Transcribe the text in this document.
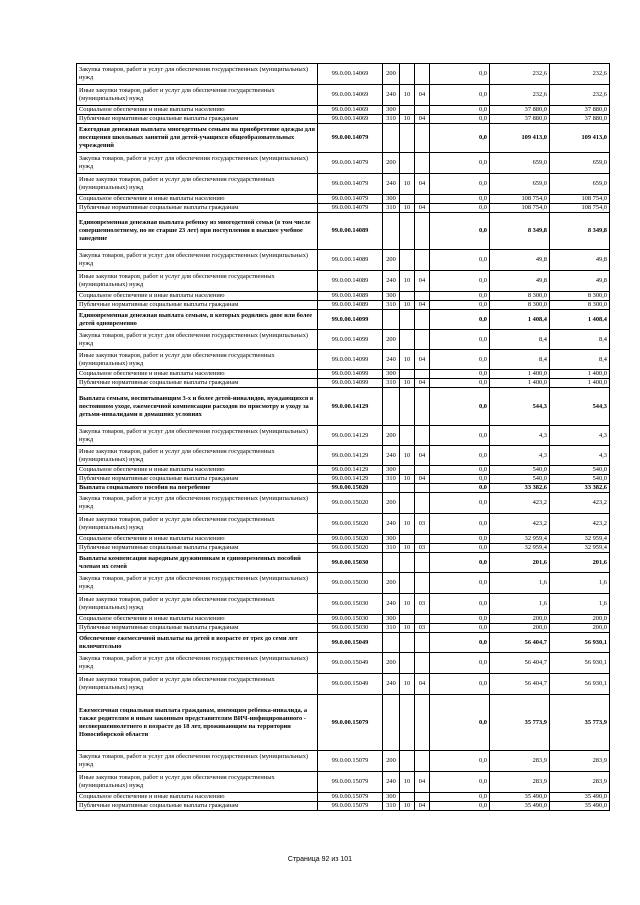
Закупка товаров, работ и услуг для обеспечения государственных (муниципальных) нужд	99.0.00.14069	200			0,0	232,6	232,6
Иные закупки товаров, работ и услуг для обеспечения государственных (муниципальных) нужд	99.0.00.14069	240	10	04	0,0	232,6	232,6
Социальное обеспечение и иные выплаты населению	99.0.00.14069	300			0,0	37 880,0	37 880,0
Публичные нормативные социальные выплаты гражданам	99.0.00.14069	310	10	04	0,0	37 880,0	37 880,0
Ежегодная денежная выплата многодетным семьям на приобретение одежды для посещения школьных занятий для детей-учащихся общеобразовательных учреждений	99.0.00.14079				0,0	109 413,0	109 413,0
Закупка товаров, работ и услуг для обеспечения государственных (муниципальных) нужд	99.0.00.14079	200			0,0	659,0	659,0
Иные закупки товаров, работ и услуг для обеспечения государственных (муниципальных) нужд	99.0.00.14079	240	10	04	0,0	659,0	659,0
Социальное обеспечение и иные выплаты населению	99.0.00.14079	300			0,0	108 754,0	108 754,0
Публичные нормативные социальные выплаты гражданам	99.0.00.14079	310	10	04	0,0	108 754,0	108 754,0
Единовременная денежная выплата ребенку из многодетной семьи (в том числе совершеннолетнему, но не старше 23 лет) при поступлении в высшее учебное заведение	99.0.00.14089				0,0	8 349,8	8 349,8
Закупка товаров, работ и услуг для обеспечения государственных (муниципальных) нужд	99.0.00.14089	200			0,0	49,8	49,8
Иные закупки товаров, работ и услуг для обеспечения государственных (муниципальных) нужд	99.0.00.14089	240	10	04	0,0	49,8	49,8
Социальное обеспечение и иные выплаты населению	99.0.00.14089	300			0,0	8 300,0	8 300,0
Публичные нормативные социальные выплаты гражданам	99.0.00.14089	310	10	04	0,0	8 300,0	8 300,0
Единовременная денежная выплата семьям, в которых родились двое или более детей одновременно	99.0.00.14099				0,0	1 408,4	1 408,4
Закупка товаров, работ и услуг для обеспечения государственных (муниципальных) нужд	99.0.00.14099	200			0,0	8,4	8,4
Иные закупки товаров, работ и услуг для обеспечения государственных (муниципальных) нужд	99.0.00.14099	240	10	04	0,0	8,4	8,4
Социальное обеспечение и иные выплаты населению	99.0.00.14099	300			0,0	1 400,0	1 400,0
Публичные нормативные социальные выплаты гражданам	99.0.00.14099	310	10	04	0,0	1 400,0	1 400,0
Выплата семьям, воспитывающим 3-х и более детей-инвалидов, нуждающихся в постоянном уходе, ежемесячной компенсации расходов по присмотру и уходу за детьми-инвалидами в домашних условиях	99.0.00.14129				0,0	544,3	544,3
Закупка товаров, работ и услуг для обеспечения государственных (муниципальных) нужд	99.0.00.14129	200			0,0	4,3	4,3
Иные закупки товаров, работ и услуг для обеспечения государственных (муниципальных) нужд	99.0.00.14129	240	10	04	0,0	4,3	4,3
Социальное обеспечение и иные выплаты населению	99.0.00.14129	300			0,0	540,0	540,0
Публичные нормативные социальные выплаты гражданам	99.0.00.14129	310	10	04	0,0	540,0	540,0
Выплата социального пособия на погребение	99.0.00.15020				0,0	33 382,6	33 382,6
Закупка товаров, работ и услуг для обеспечения государственных (муниципальных) нужд	99.0.00.15020	200			0,0	423,2	423,2
Иные закупки товаров, работ и услуг для обеспечения государственных (муниципальных) нужд	99.0.00.15020	240	10	03	0,0	423,2	423,2
Социальное обеспечение и иные выплаты населению	99.0.00.15020	300			0,0	32 959,4	32 959,4
Публичные нормативные социальные выплаты гражданам	99.0.00.15020	310	10	03	0,0	32 959,4	32 959,4
Выплаты компенсации народным дружинникам и единовременных пособий членам их семей	99.0.00.15030				0,0	201,6	201,6
Закупка товаров, работ и услуг для обеспечения государственных (муниципальных) нужд	99.0.00.15030	200			0,0	1,6	1,6
Иные закупки товаров, работ и услуг для обеспечения государственных (муниципальных) нужд	99.0.00.15030	240	10	03	0,0	1,6	1,6
Социальное обеспечение и иные выплаты населению	99.0.00.15030	300			0,0	200,0	200,0
Публичные нормативные социальные выплаты гражданам	99.0.00.15030	310	10	03	0,0	200,0	200,0
Обеспечение ежемесячной выплаты на детей в возрасте от трех до семи лет включительно	99.0.00.15049				0,0	56 404,7	56 930,1
Закупка товаров, работ и услуг для обеспечения государственных (муниципальных) нужд	99.0.00.15049	200			0,0	56 404,7	56 930,1
Иные закупки товаров, работ и услуг для обеспечения государственных (муниципальных) нужд	99.0.00.15049	240	10	04	0,0	56 404,7	56 930,1
Ежемесячная социальная выплата гражданам, имеющим ребенка-инвалида, а также родителям и иным законным представителям ВИЧ-инфицированного - несовершеннолетнего в возрасте до 18 лет, проживающим на территории Новосибирской области	99.0.00.15079				0,0	35 773,9	35 773,9
Закупка товаров, работ и услуг для обеспечения государственных (муниципальных) нужд	99.0.00.15079	200			0,0	283,9	283,9
Иные закупки товаров, работ и услуг для обеспечения государственных (муниципальных) нужд	99.0.00.15079	240	10	04	0,0	283,9	283,9
Социальное обеспечение и иные выплаты населению	99.0.00.15079	300			0,0	35 490,0	35 490,0
Публичные нормативные социальные выплаты гражданам	99.0.00.15079	310	10	04	0,0	35 490,0	35 490,0
Страница 92 из 101
